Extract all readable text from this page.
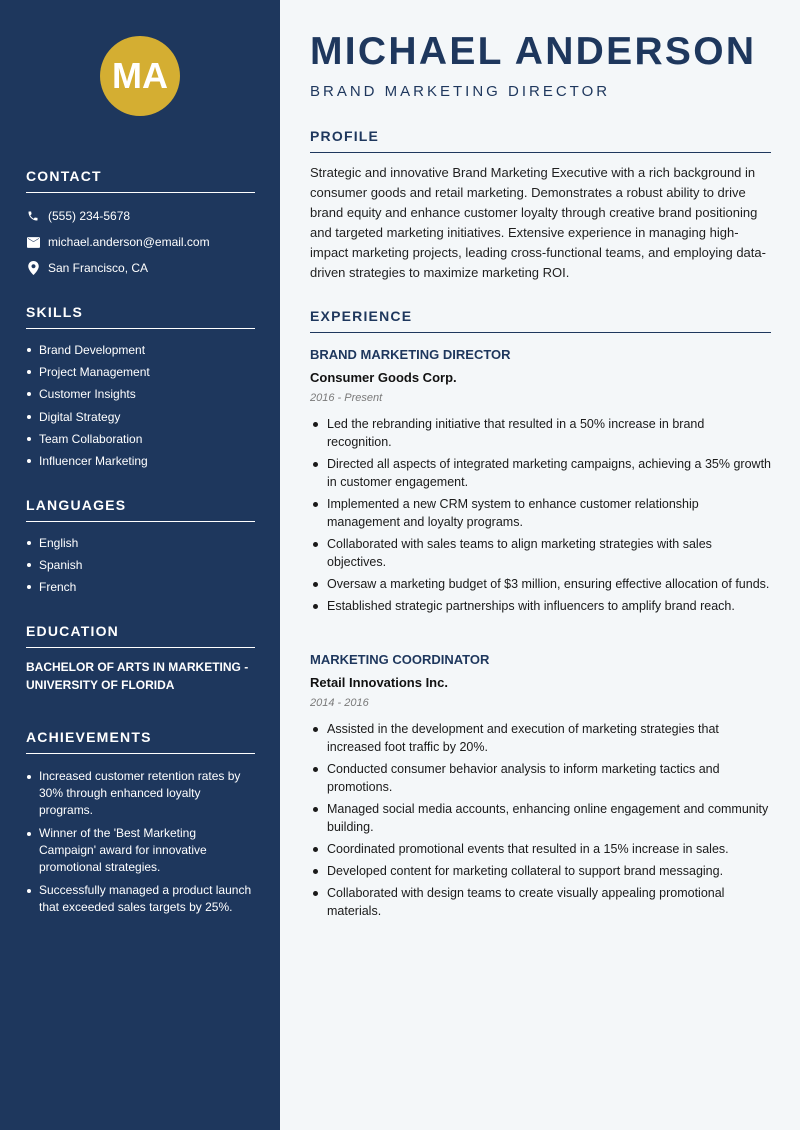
MA
CONTACT
(555) 234-5678
michael.anderson@email.com
San Francisco, CA
SKILLS
Brand Development
Project Management
Customer Insights
Digital Strategy
Team Collaboration
Influencer Marketing
LANGUAGES
English
Spanish
French
EDUCATION
BACHELOR OF ARTS IN MARKETING - UNIVERSITY OF FLORIDA
ACHIEVEMENTS
Increased customer retention rates by 30% through enhanced loyalty programs.
Winner of the 'Best Marketing Campaign' award for innovative promotional strategies.
Successfully managed a product launch that exceeded sales targets by 25%.
MICHAEL ANDERSON
BRAND MARKETING DIRECTOR
PROFILE
Strategic and innovative Brand Marketing Executive with a rich background in consumer goods and retail marketing. Demonstrates a robust ability to drive brand equity and enhance customer loyalty through creative brand positioning and targeted marketing initiatives. Extensive experience in managing high-impact marketing projects, leading cross-functional teams, and employing data-driven strategies to maximize marketing ROI.
EXPERIENCE
BRAND MARKETING DIRECTOR
Consumer Goods Corp.
2016 - Present
Led the rebranding initiative that resulted in a 50% increase in brand recognition.
Directed all aspects of integrated marketing campaigns, achieving a 35% growth in customer engagement.
Implemented a new CRM system to enhance customer relationship management and loyalty programs.
Collaborated with sales teams to align marketing strategies with sales objectives.
Oversaw a marketing budget of $3 million, ensuring effective allocation of funds.
Established strategic partnerships with influencers to amplify brand reach.
MARKETING COORDINATOR
Retail Innovations Inc.
2014 - 2016
Assisted in the development and execution of marketing strategies that increased foot traffic by 20%.
Conducted consumer behavior analysis to inform marketing tactics and promotions.
Managed social media accounts, enhancing online engagement and community building.
Coordinated promotional events that resulted in a 15% increase in sales.
Developed content for marketing collateral to support brand messaging.
Collaborated with design teams to create visually appealing promotional materials.
